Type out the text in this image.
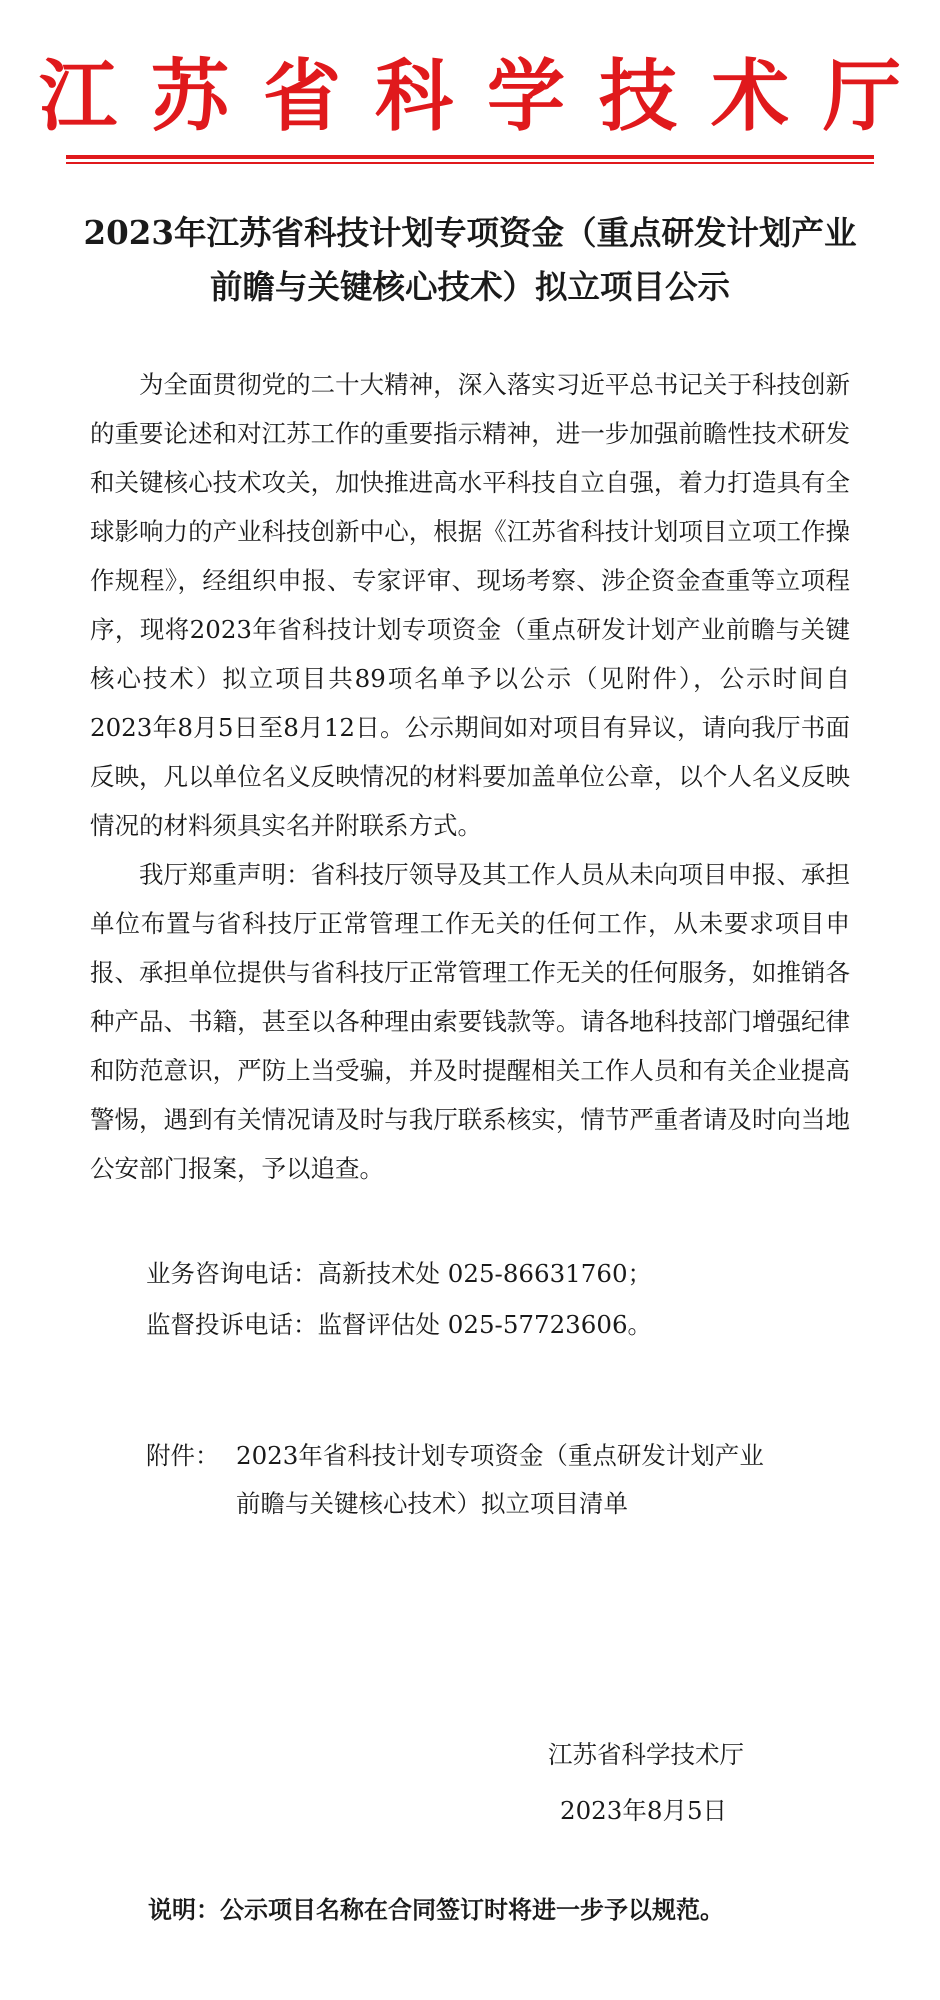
江苏省科学技术厅
2023年江苏省科技计划专项资金（重点研发计划产业前瞻与关键核心技术）拟立项目公示

为全面贯彻党的二十大精神，深入落实习近平总书记关于科技创新的重要论述和对江苏工作的重要指示精神，进一步加强前瞻性技术研发和关键核心技术攻关，加快推进高水平科技自立自强，着力打造具有全球影响力的产业科技创新中心，根据《江苏省科技计划项目立项工作操作规程》，经组织申报、专家评审、现场考察、涉企资金查重等立项程序，现将2023年省科技计划专项资金（重点研发计划产业前瞻与关键核心技术）拟立项目共89项名单予以公示（见附件），公示时间自2023年8月5日至8月12日。公示期间如对项目有异议，请向我厅书面反映，凡以单位名义反映情况的材料要加盖单位公章，以个人名义反映情况的材料须具实名并附联系方式。

我厅郑重声明：省科技厅领导及其工作人员从未向项目申报、承担单位布置与省科技厅正常管理工作无关的任何工作，从未要求项目申报、承担单位提供与省科技厅正常管理工作无关的任何服务，如推销各种产品、书籍，甚至以各种理由索要钱款等。请各地科技部门增强纪律和防范意识，严防上当受骗，并及时提醒相关工作人员和有关企业提高警惕，遇到有关情况请及时与我厅联系核实，情节严重者请及时向当地公安部门报案，予以追查。

业务咨询电话：高新技术处 025-86631760；
监督投诉电话：监督评估处 025-57723606。
附件： 2023年省科技计划专项资金（重点研发计划产业
前瞻与关键核心技术）拟立项目清单
江苏省科学技术厅
2023年8月5日
说明：公示项目名称在合同签订时将进一步予以规范。
